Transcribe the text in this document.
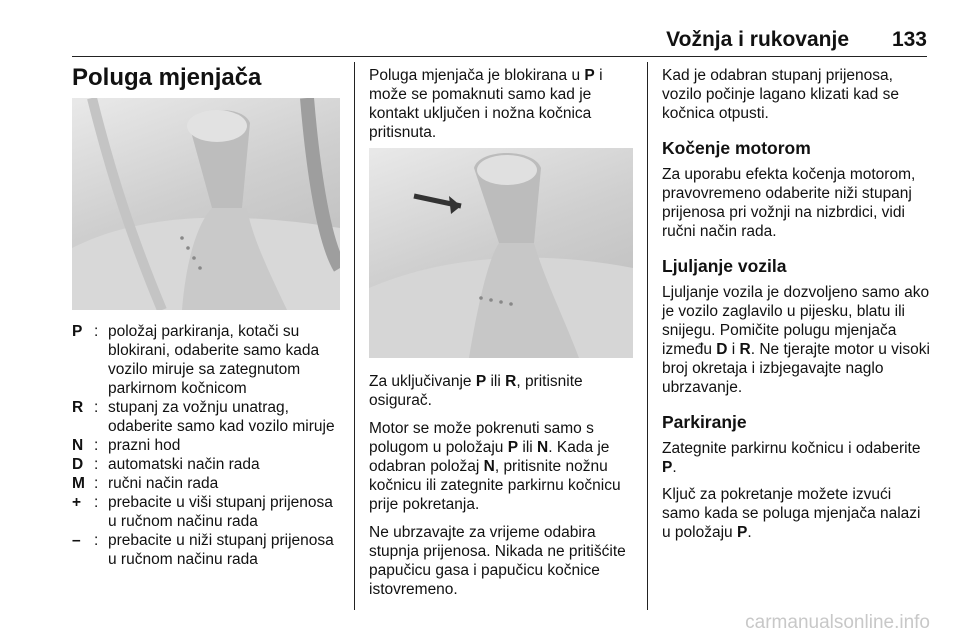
Vožnja i rukovanje 133
Poluga mjenjača
P : položaj parkiranja, kotači su blokirani, odaberite samo kada vozilo miruje sa zategnutom parkirnom kočnicom
R : stupanj za vožnju unatrag, odaberite samo kad vozilo miruje
N : prazni hod
D : automatski način rada
M : ručni način rada
+ : prebacite u viši stupanj prijenosa u ručnom načinu rada
– : prebacite u niži stupanj prijenosa u ručnom načinu rada

Poluga mjenjača je blokirana u P i može se pomaknuti samo kad je kontakt uključen i nožna kočnica pritisnuta.

Za uključivanje P ili R, pritisnite osigurač.

Motor se može pokrenuti samo s polugom u položaju P ili N. Kada je odabran položaj N, pritisnite nožnu kočnicu ili zategnite parkirnu kočnicu prije pokretanja.

Ne ubrzavajte za vrijeme odabira stupnja prijenosa. Nikada ne pritišćite papučicu gasa i papučicu kočnice istovremeno.

Kad je odabran stupanj prijenosa, vozilo počinje lagano klizati kad se kočnica otpusti.

Kočenje motorom

Za uporabu efekta kočenja motorom, pravovremeno odaberite niži stupanj prijenosa pri vožnji na nizbrdici, vidi ručni način rada.

Ljuljanje vozila

Ljuljanje vozila je dozvoljeno samo ako je vozilo zaglavilo u pijesku, blatu ili snijegu. Pomičite polugu mjenjača između D i R. Ne tjerajte motor u visoki broj okretaja i izbjegavajte naglo ubrzavanje.

Parkiranje

Zategnite parkirnu kočnicu i odaberite P.

Ključ za pokretanje možete izvući samo kada se poluga mjenjača nalazi u položaju P.

carmanualsonline.info
